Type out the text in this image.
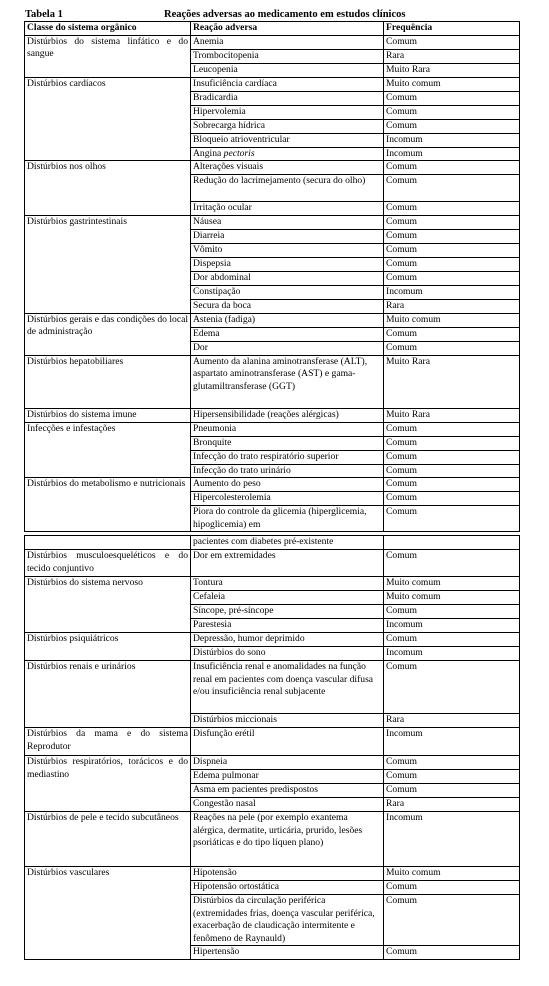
Tabela 1	Reações adversas ao medicamento em estudos clínicos
Classe do sistema orgânico	Reação adversa	Frequência
Distúrbios do sistema linfático e do sangue	Anemia	Comum
	Trombocitopenia	Rara
	Leucopenia	Muito Rara
Distúrbios cardíacos	Insuficiência cardíaca	Muito comum
	Bradicardia	Comum
	Hipervolemia	Comum
	Sobrecarga hídrica	Comum
	Bloqueio atrioventricular	Incomum
	Angina pectoris	Incomum
Distúrbios nos olhos	Alterações visuais	Comum
	Redução do lacrimejamento (secura do olho)	Comum
	Irritação ocular	Comum
Distúrbios gastrintestinais	Náusea	Comum
	Diarreia	Comum
	Vômito	Comum
	Dispepsia	Comum
	Dor abdominal	Comum
	Constipação	Incomum
	Secura da boca	Rara
Distúrbios gerais e das condições do local de administração	Astenia (fadiga)	Muito comum
	Edema	Comum
	Dor	Comum
Distúrbios hepatobiliares	Aumento da alanina aminotransferase (ALT), aspartato aminotransferase (AST) e gama-glutamiltransferase (GGT)	Muito Rara
Distúrbios do sistema imune	Hipersensibilidade (reações alérgicas)	Muito Rara
Infecções e infestações	Pneumonia	Comum
	Bronquite	Comum
	Infecção do trato respiratório superior	Comum
	Infecção do trato urinário	Comum
Distúrbios do metabolismo e nutricionais	Aumento do peso	Comum
	Hipercolesterolemia	Comum
	Piora do controle da glicemia (hiperglicemia, hipoglicemia) em	Comum
	pacientes com diabetes pré-existente	
Distúrbios musculoesqueléticos e do tecido conjuntivo	Dor em extremidades	Comum
Distúrbios do sistema nervoso	Tontura	Muito comum
	Cefaleia	Muito comum
	Síncope, pré-síncope	Comum
	Parestesia	Incomum
Distúrbios psiquiátricos	Depressão, humor deprimido	Comum
	Distúrbios do sono	Incomum
Distúrbios renais e urinários	Insuficiência renal e anomalidades na função renal em pacientes com doença vascular difusa e/ou insuficiência renal subjacente	Comum
	Distúrbios miccionais	Rara
Distúrbios da mama e do sistema Reprodutor	Disfunção erétil	Incomum
Distúrbios respiratórios, torácicos e do mediastino	Dispneia	Comum
	Edema pulmonar	Comum
	Asma em pacientes predispostos	Comum
	Congestão nasal	Rara
Distúrbios de pele e tecido subcutâneos	Reações na pele (por exemplo exantema alérgica, dermatite, urticária, prurido, lesões psoriáticas e do tipo líquen plano)	Incomum
Distúrbios vasculares	Hipotensão	Muito comum
	Hipotensão ortostática	Comum
	Distúrbios da circulação periférica (extremidades frias, doença vascular periférica, exacerbação de claudicação intermitente e fenômeno de Raynauld)	Comum
	Hipertensão	Comum
